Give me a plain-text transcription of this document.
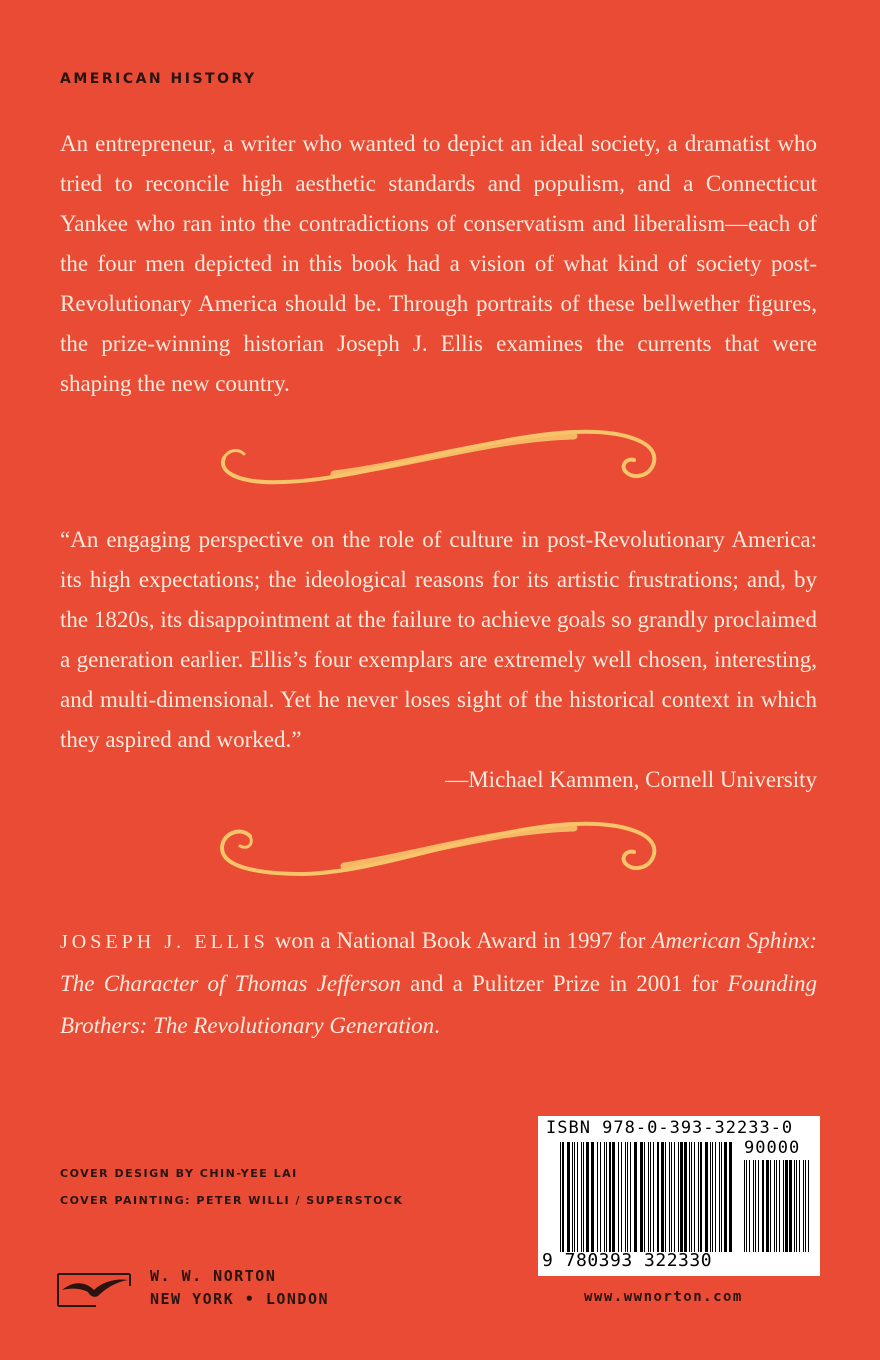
AMERICAN HISTORY

An entrepreneur, a writer who wanted to depict an ideal society, a dramatist who tried to reconcile high aesthetic standards and populism, and a Connecticut Yankee who ran into the contradictions of conservatism and liberalism—each of the four men depicted in this book had a vision of what kind of society post-Revolutionary America should be. Through portraits of these bellwether figures, the prize-winning historian Joseph J. Ellis examines the currents that were shaping the new country.

“An engaging perspective on the role of culture in post-Revolutionary America: its high expectations; the ideological reasons for its artistic frustrations; and, by the 1820s, its disappointment at the failure to achieve goals so grandly proclaimed a generation earlier. Ellis’s four exemplars are extremely well chosen, interesting, and multi-dimensional. Yet he never loses sight of the historical context in which they aspired and worked.”

—Michael Kammen, Cornell University

JOSEPH J. ELLIS won a National Book Award in 1997 for American Sphinx: The Character of Thomas Jefferson and a Pulitzer Prize in 2001 for Founding Brothers: The Revolutionary Generation.

COVER DESIGN BY CHIN-YEE LAI
COVER PAINTING: PETER WILLI / SUPERSTOCK
W. W. NORTON
NEW YORK • LONDON
ISBN 978-0-393-32233-0
90000
9 780393 322330
www.wwnorton.com
